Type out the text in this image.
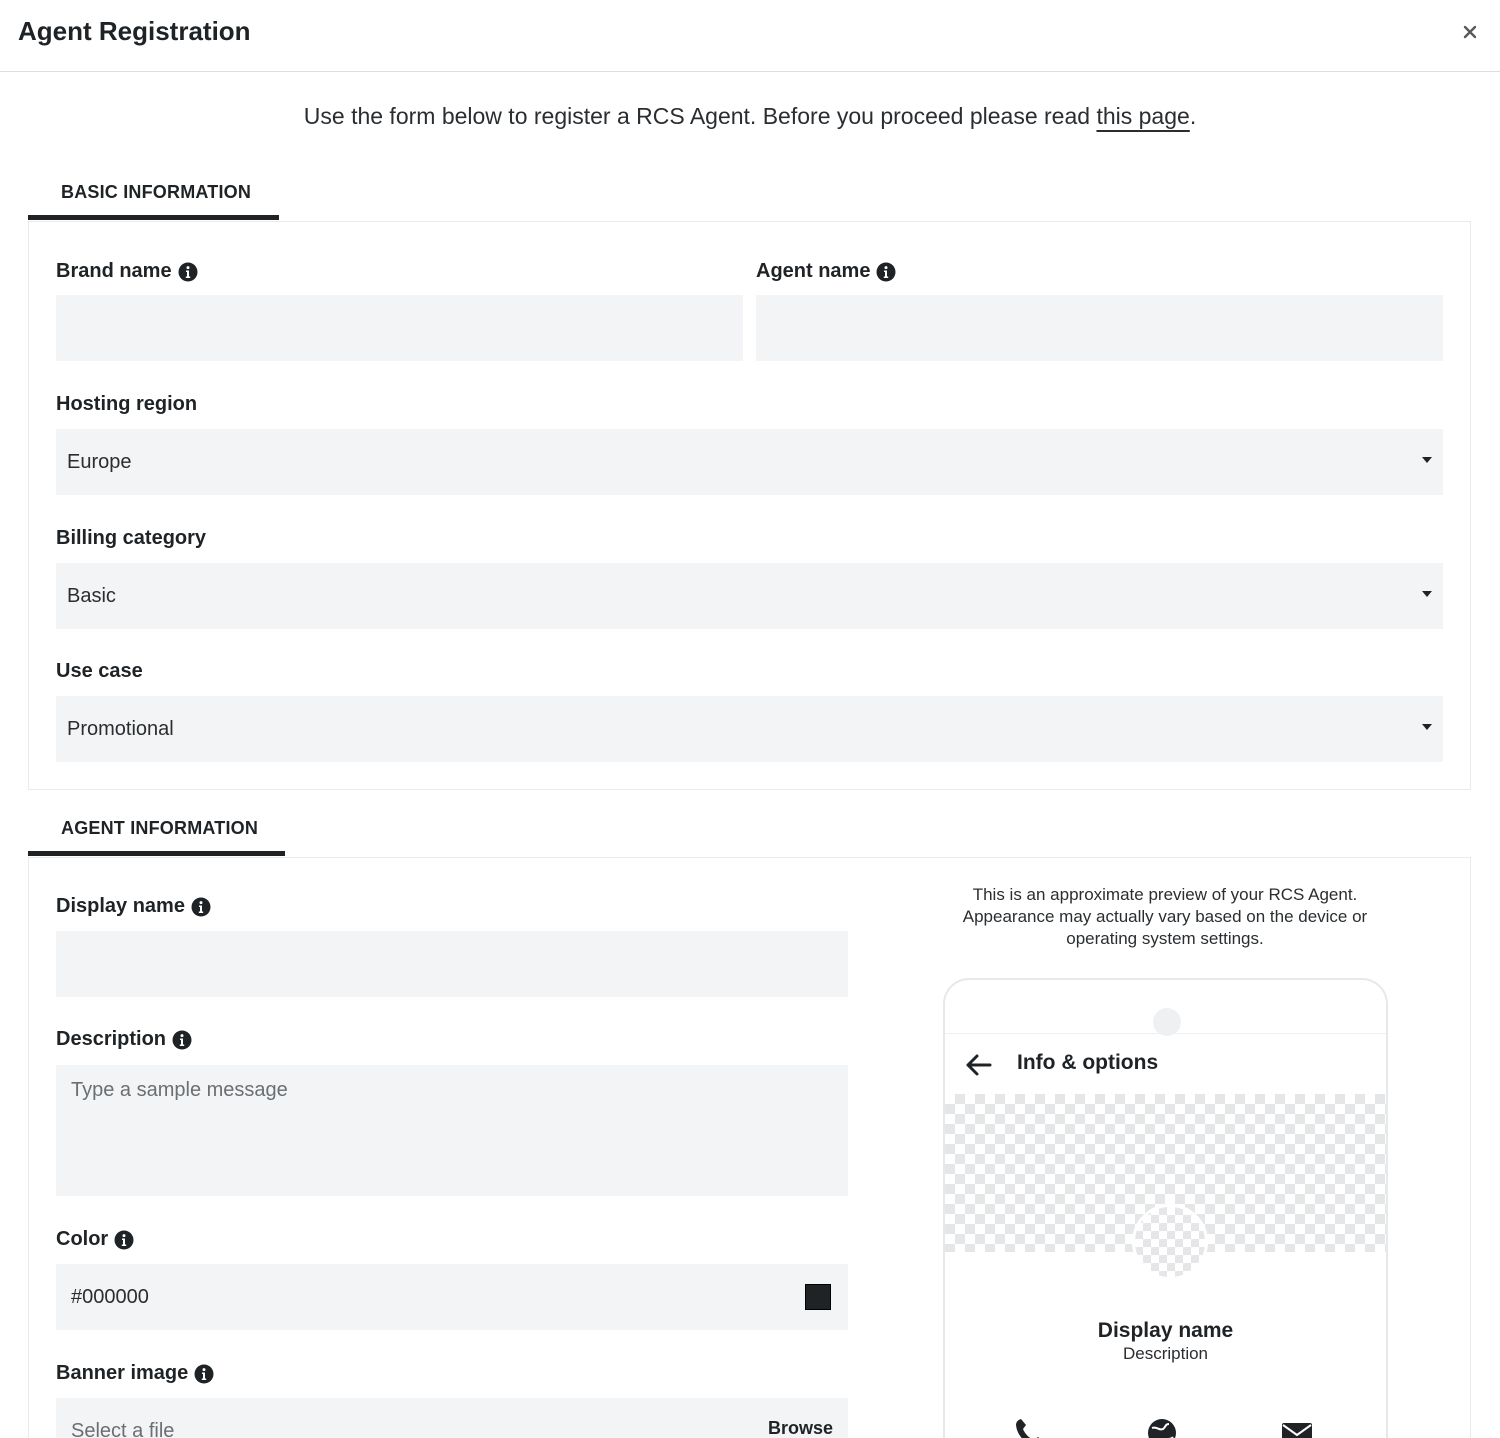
Agent Registration
Use the form below to register a RCS Agent. Before you proceed please read this page.
BASIC INFORMATION
Brand name	Agent name
Hosting region
Europe
Billing category
Basic
Use case
Promotional
AGENT INFORMATION
Display name
Description
Type a sample message
Color
#000000
Banner image
Select a file	Browse
This is an approximate preview of your RCS Agent.
Appearance may actually vary based on the device or
operating system settings.
Info & options
Display name
Description
